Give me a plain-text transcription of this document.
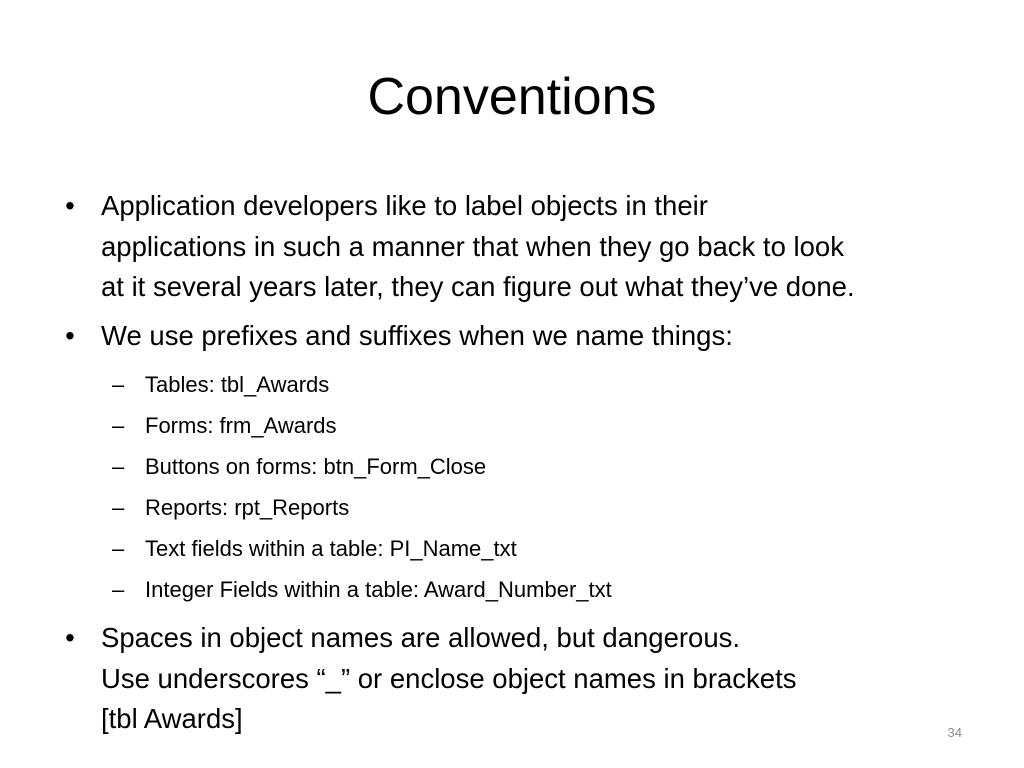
Conventions
• Application developers like to label objects in their
applications in such a manner that when they go back to look
at it several years later, they can figure out what they’ve done.
• We use prefixes and suffixes when we name things:
– Tables: tbl_Awards
– Forms: frm_Awards
– Buttons on forms: btn_Form_Close
– Reports: rpt_Reports
– Text fields within a table: PI_Name_txt
– Integer Fields within a table: Award_Number_txt
• Spaces in object names are allowed, but dangerous.
Use underscores “_” or enclose object names in brackets
[tbl Awards]	34
